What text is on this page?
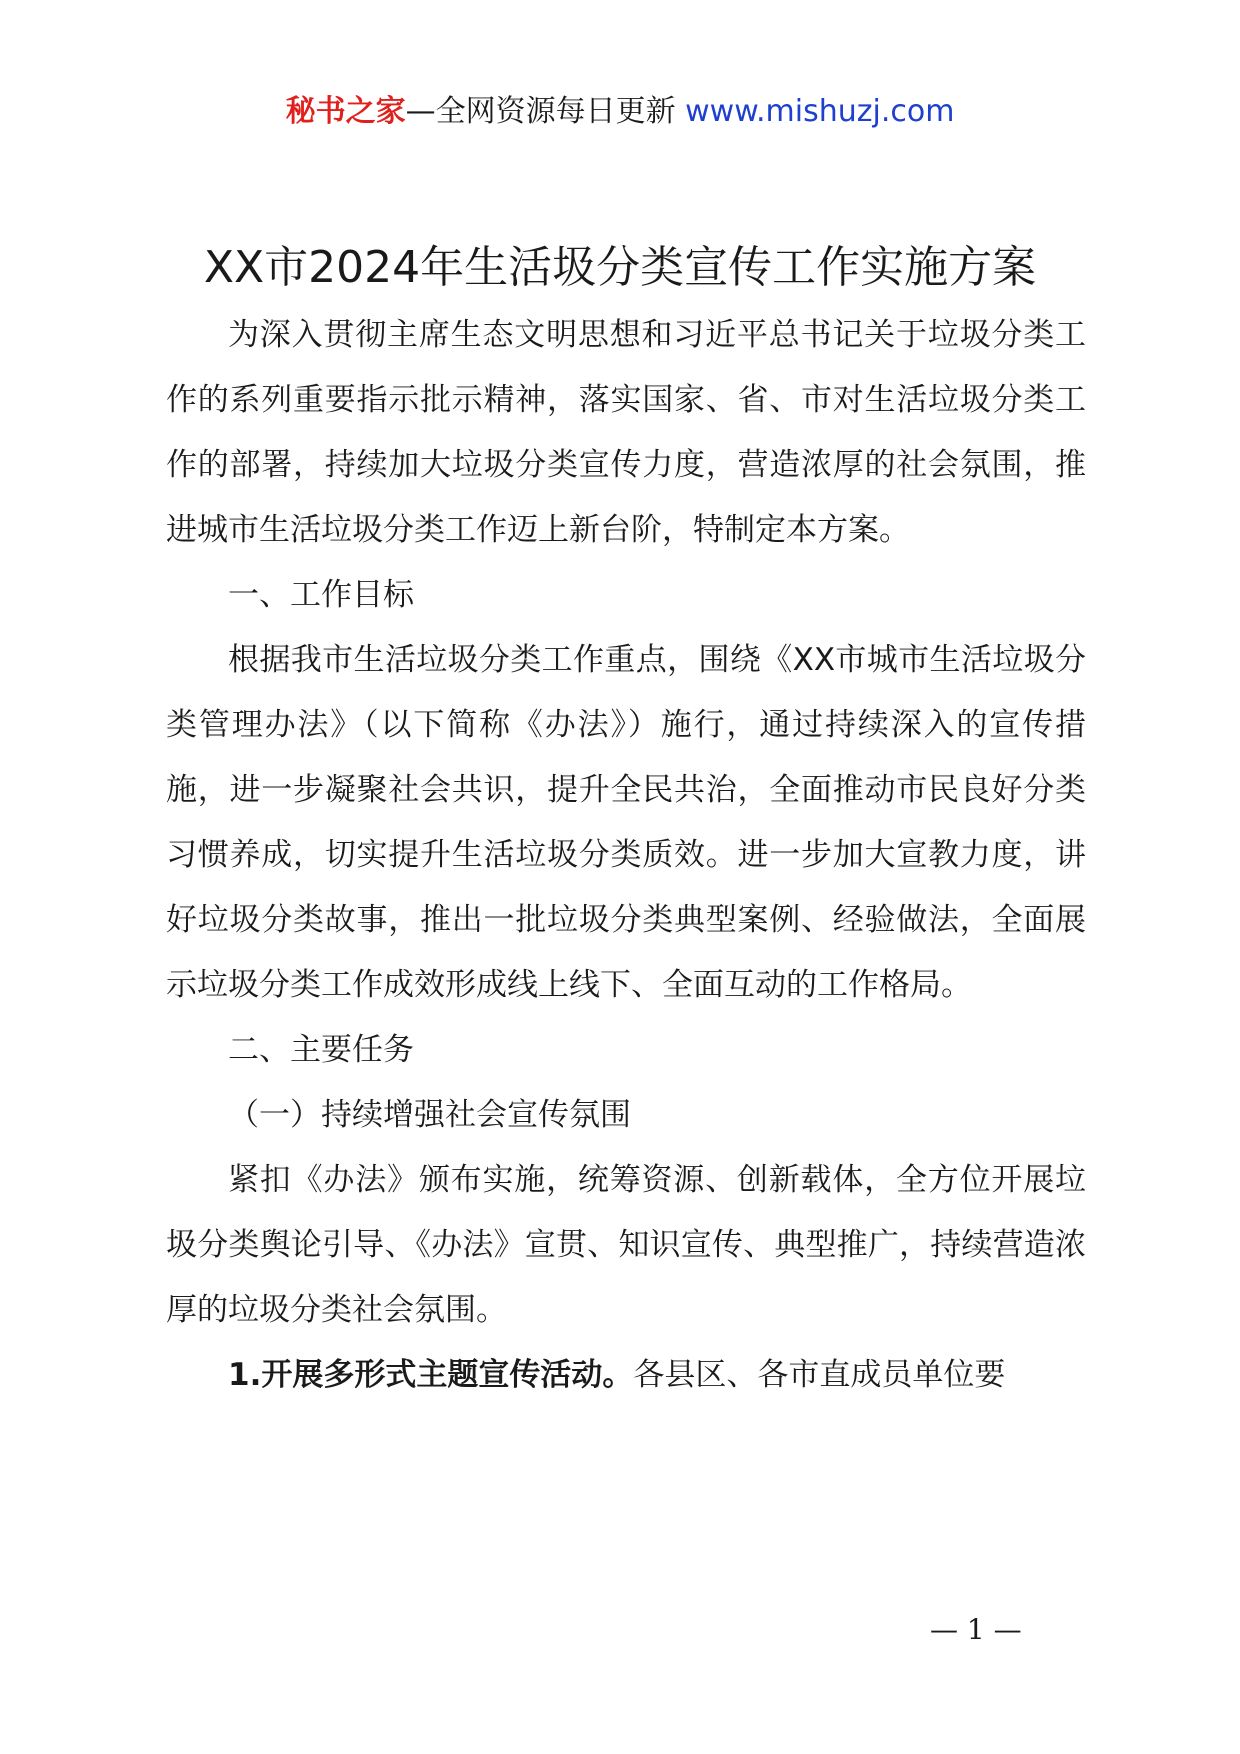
秘书之家—全网资源每日更新 www.mishuzj.com
XX市2024年生活圾分类宣传工作实施方案

为深入贯彻主席生态文明思想和习近平总书记关于垃圾分类工作的系列重要指示批示精神，落实国家、省、市对生活垃圾分类工作的部署，持续加大垃圾分类宣传力度，营造浓厚的社会氛围，推进城市生活垃圾分类工作迈上新台阶，特制定本方案。

一、工作目标

根据我市生活垃圾分类工作重点，围绕《XX市城市生活垃圾分类管理办法》（以下简称《办法》）施行，通过持续深入的宣传措施，进一步凝聚社会共识，提升全民共治，全面推动市民良好分类习惯养成，切实提升生活垃圾分类质效。进一步加大宣教力度，讲好垃圾分类故事，推出一批垃圾分类典型案例、经验做法，全面展示垃圾分类工作成效形成线上线下、全面互动的工作格局。

二、主要任务

（一）持续增强社会宣传氛围

紧扣《办法》颁布实施，统筹资源、创新载体，全方位开展垃圾分类舆论引导、《办法》宣贯、知识宣传、典型推广，持续营造浓厚的垃圾分类社会氛围。

1.开展多形式主题宣传活动。各县区、各市直成员单位要

— 1 —
